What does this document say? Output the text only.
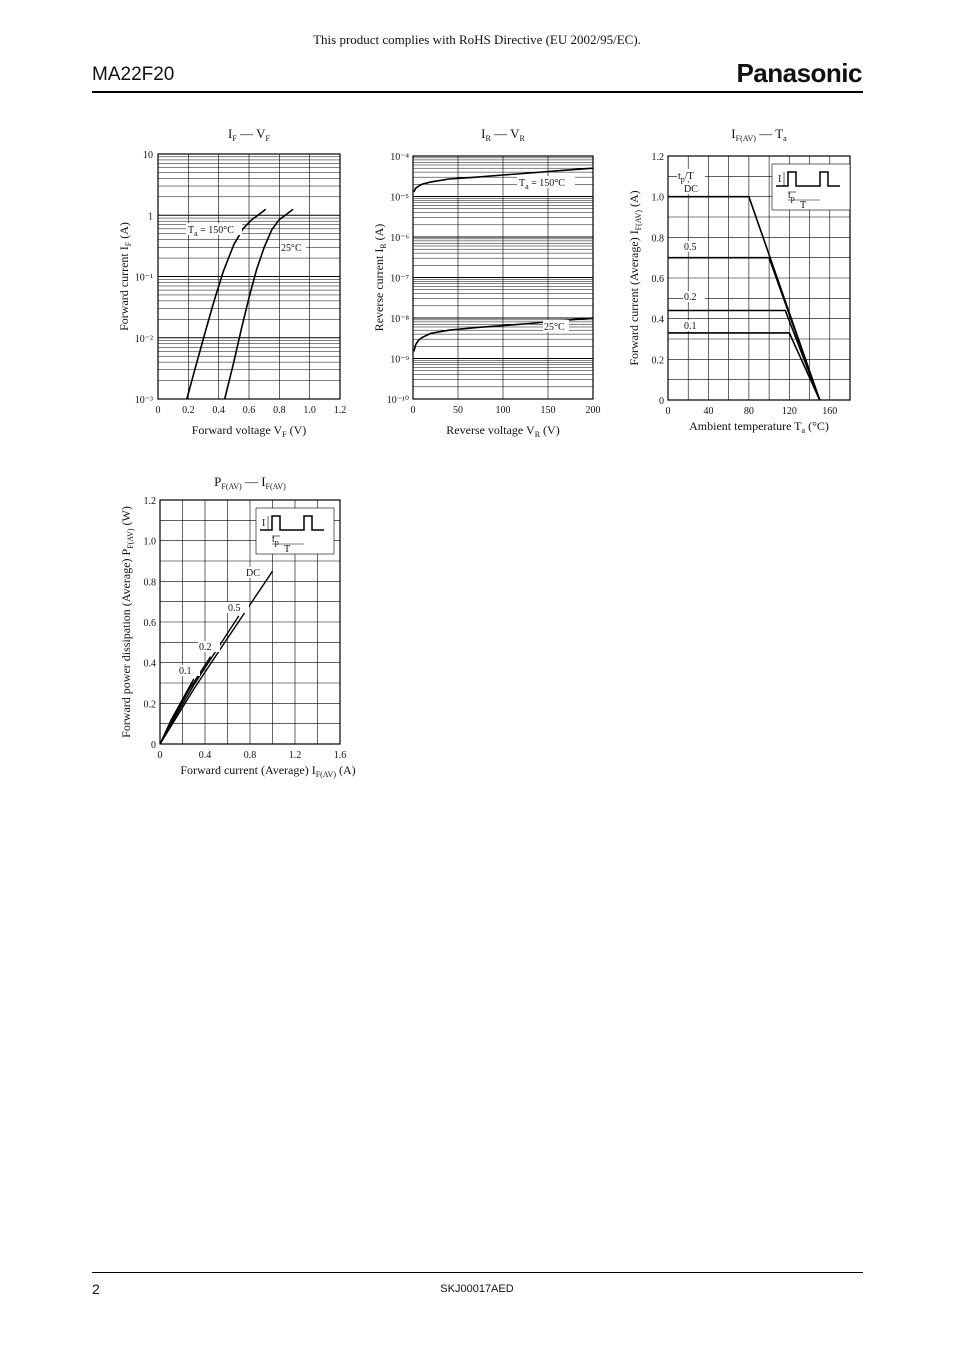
This product complies with RoHS Directive (EU 2002/95/EC).
MA22F20	Panasonic
$I_F$ — $V_F$
0 0.2 0.4 0.6 0.8 1.0 1.2
10
1
10⁻¹
10⁻²
10⁻³
$T_a = 150^\circ C$
25°C
Forward current $I_F$ (A)
Forward voltage $V_F$ (V)
$I_R$ — $V_R$
0	50	100	150	200
10⁻⁴
10⁻⁵
10⁻⁶
10⁻⁷
10⁻⁸
10⁻⁹
10⁻¹⁰
$T_a = 150^\circ C$
25°C
Reverse current $I_R$ (A)
Reverse voltage $V_R$ (V)
$I_{F(AV)}$ — $T_a$
0	40	80	120	160
1.2
1.0
0.8
0.6
0.4
0.2
0
DC
0.5
0.2
0.1
$t_p/T$	I
$t_p$
T
Forward current (Average) $I_{F(AV)}$ (A)
Ambient temperature $T_a$ (°C)
$P_{F(AV)}$ — $I_{F(AV)}$
0	0.4	0.8	1.2	1.6
1.2
1.0
0.8
0.6
0.4
0.2
0
DC
0.5
0.2
0.1
I
$t_p$
T
Forward power dissipation (Average) $P_{F(AV)}$ (W)
Forward current (Average) $I_{F(AV)}$ (A)
2	SKJ00017AED
